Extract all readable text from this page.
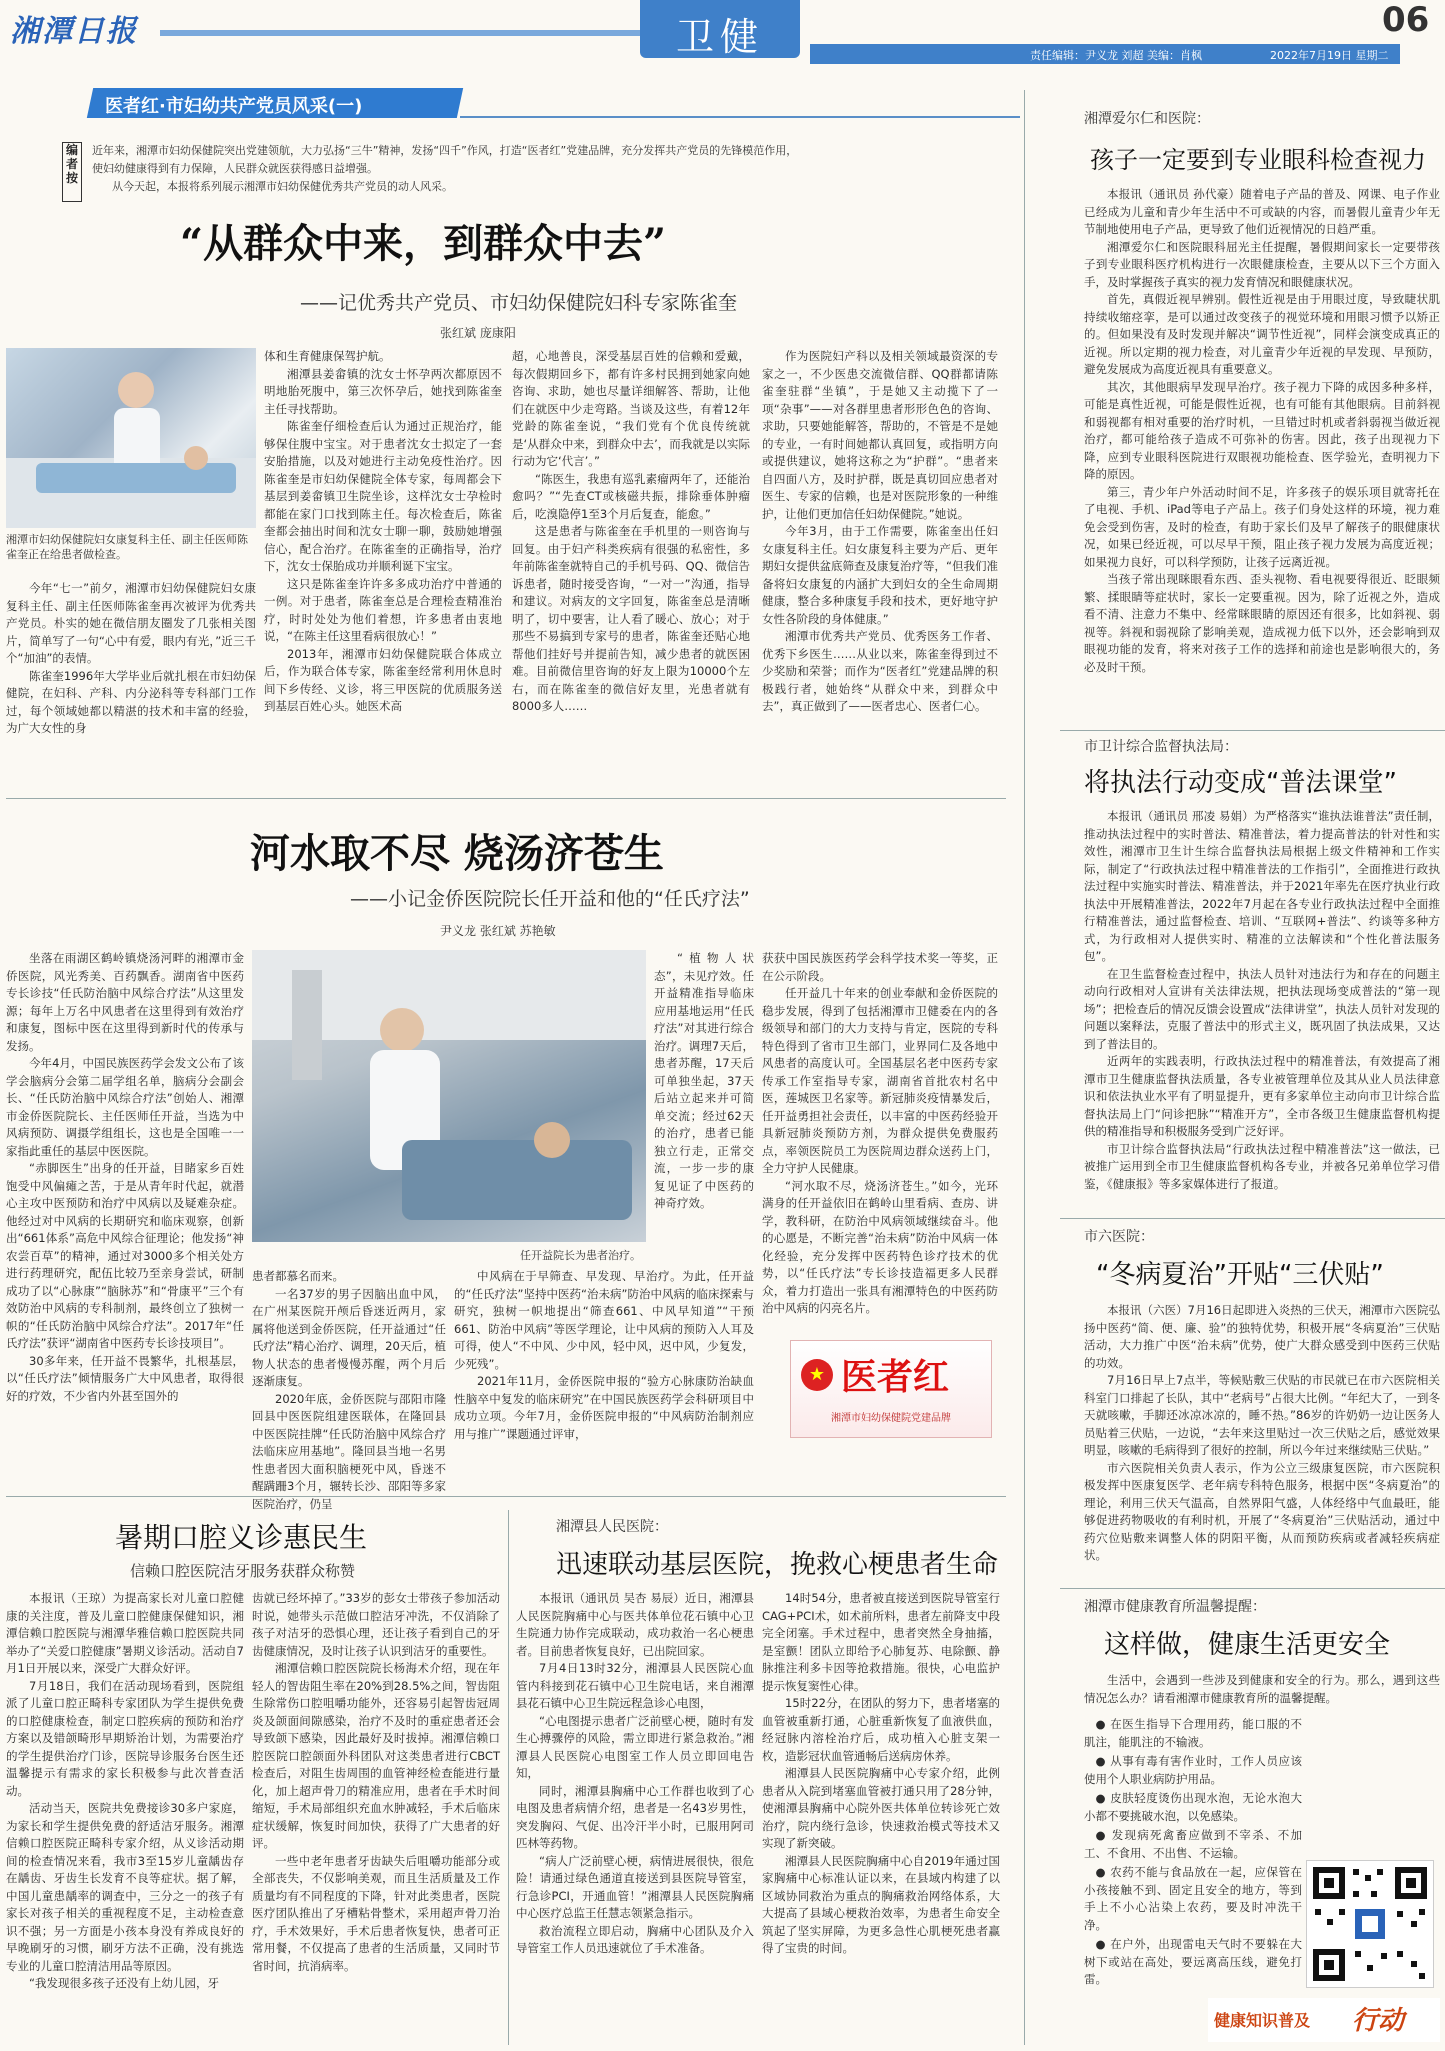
湘潭日报	卫健	责任编辑：尹义龙 刘超 美编：肖枫	2022年7月19日 星期二
06
医者红·市妇幼共产党员风采(一)
编者按
近年来，湘潭市妇幼保健院突出党建领航，大力弘扬“三牛”精神，发扬“四千”作风，打造“医者红”党建品牌，充分发挥共产党员的先锋模范作用，
使妇幼健康得到有力保障，人民群众就医获得感日益增强。
从今天起，本报将系列展示湘潭市妇幼保健优秀共产党员的动人风采。
“从群众中来，到群众中去”
——记优秀共产党员、市妇幼保健院妇科专家陈雀奎
张红斌 庞康阳
湘潭市妇幼保健院妇女康复科主任、副主任医师陈雀奎正在给患者做检查。

今年“七一”前夕，湘潭市妇幼保健院妇女康复科主任、副主任医师陈雀奎再次被评为优秀共产党员。朴实的她在微信朋友圈发了几张相关图片，简单写了一句“心中有爱，眼内有光，”近三千个“加油”的表情。

陈雀奎1996年大学毕业后就扎根在市妇幼保健院，在妇科、产科、内分泌科等专科部门工作过，每个领域她都以精湛的技术和丰富的经验，为广大女性的身

体和生育健康保驾护航。

湘潭县姜畲镇的沈女士怀孕两次都原因不明地胎死腹中，第三次怀孕后，她找到陈雀奎主任寻找帮助。

陈雀奎仔细检查后认为通过正规治疗，能够保住腹中宝宝。对于患者沈女士拟定了一套安胎措施，以及对她进行主动免疫性治疗。因陈雀奎是市妇幼保健院全体专家，每周都会下基层到姜畲镇卫生院坐诊，这样沈女士孕检时都能在家门口找到陈主任。每次检查后，陈雀奎都会抽出时间和沈女士聊一聊，鼓励她增强信心，配合治疗。在陈雀奎的正确指导，治疗下，沈女士保胎成功并顺利诞下宝宝。

这只是陈雀奎许许多多成功治疗中普通的一例。对于患者，陈雀奎总是合理检查精准治疗，时时处处为他们着想，许多患者由衷地说，“在陈主任这里看病很放心！”

2013年，湘潭市妇幼保健院联合体成立后，作为联合体专家，陈雀奎经常利用休息时间下乡传经、义诊，将三甲医院的优质服务送到基层百姓心头。她医术高

超，心地善良，深受基层百姓的信赖和爱戴，每次假期回乡下，都有许多村民拥到她家向她咨询、求助，她也尽量详细解答、帮助，让他们在就医中少走弯路。当谈及这些，有着12年党龄的陈雀奎说，“我们党有个优良传统就是‘从群众中来，到群众中去’，而我就是以实际行动为它‘代言’。”

“陈医生，我患有巡乳素瘤两年了，还能治愈吗？”“先查CT或核磁共振，排除垂体肿瘤后，吃溴隐停1至3个月后复查，能愈。”

这是患者与陈雀奎在手机里的一则咨询与回复。由于妇产科类疾病有很强的私密性，多年前陈雀奎就特自己的手机号码、QQ、微信告诉患者，随时接受咨询，“一对一”沟通，指导和建议。对病友的文字回复，陈雀奎总是清晰明了，切中要害，让人看了暖心、放心；对于那些不易搞到专家号的患者，陈雀奎还贴心地帮他们挂好号并提前告知，减少患者的就医困难。目前微信里咨询的好友上限为10000个左右，而在陈雀奎的微信好友里，光患者就有8000多人……

作为医院妇产科以及相关领域最资深的专家之一，不少医患交流微信群、QQ群都请陈雀奎驻群“坐镇”，于是她又主动揽下了一项“杂事”——对各群里患者形形色色的咨询、求助，只要她能解答，帮助的，不管是不是她的专业，一有时间她都认真回复，或指明方向或提供建议，她将这称之为“护群”。“患者来自四面八方，及时护群，既是真切回应患者对医生、专家的信赖，也是对医院形象的一种维护，让他们更加信任妇幼保健院。”她说。

今年3月，由于工作需要，陈雀奎出任妇女康复科主任。妇女康复科主要为产后、更年期妇女提供盆底筛查及康复治疗等，“但我们准备将妇女康复的内涵扩大到妇女的全生命周期健康，整合多种康复手段和技术，更好地守护女性各阶段的身体健康。”

湘潭市优秀共产党员、优秀医务工作者、优秀下乡医生……从业以来，陈雀奎得到过不少奖励和荣誉；而作为“医者红”党建品牌的积极践行者，她始终“从群众中来，到群众中去”，真正做到了——医者忠心、医者仁心。

河水取不尽 烧汤济苍生
——小记金侨医院院长任开益和他的“任氏疗法”
尹义龙 张红斌 苏艳敏

坐落在雨湖区鹤岭镇烧汤河畔的湘潭市金侨医院，风光秀美、百药飘香。湖南省中医药专长诊技“任氏防治脑中风综合疗法”从这里发源；每年上万名中风患者在这里得到有效治疗和康复，图标中医在这里得到新时代的传承与发扬。

今年4月，中国民族医药学会发文公布了该学会脑病分会第二届学组名单，脑病分会副会长、“任氏防治脑中风综合疗法”创始人、湘潭市金侨医院院长、主任医师任开益，当选为中风病预防、调摄学组组长，这也是全国唯一一家指此重任的基层中医医院。

“赤脚医生”出身的任开益，目睹家乡百姓饱受中风偏瘫之苦，于是从青年时代起，就潜心主攻中医预防和治疗中风病以及疑难杂症。他经过对中风病的长期研究和临床观察，创新出“661体系”高危中风综合征理论；他发扬“神农尝百草”的精神，通过对3000多个相关处方进行药理研究，配伍比较乃至亲身尝试，研制成功了以“心脉康”“脑脉苏”和“骨康平”三个有效防治中风病的专科制剂，最终创立了独树一帜的“任氏防治脑中风综合疗法”。2017年“任氏疗法”获评“湖南省中医药专长诊技项目”。

30多年来，任开益不畏繁华，扎根基层，以“任氏疗法”倾情服务广大中风患者，取得很好的疗效，不少省内外甚至国外的

任开益院长为患者治疗。

患者都慕名而来。

一名37岁的男子因脑出血中风，在广州某医院开颅后昏迷近两月，家属将他送到金侨医院，任开益通过“任氏疗法”精心治疗、调理，20天后，植物人状态的患者慢慢苏醒，两个月后逐渐康复。

2020年底，金侨医院与邵阳市隆回县中医医院组建医联体，在隆回县中医医院挂牌“任氏防治脑中风综合疗法临床应用基地”。隆回县当地一名男性患者因大面积脑梗死中风，昏迷不醒蹒跚3个月，辗转长沙、邵阳等多家医院治疗，仍呈

“植物人状态”，未见疗效。任开益精准指导临床应用基地运用“任氏疗法”对其进行综合治疗。调理7天后，患者苏醒，17天后可单独坐起，37天后站立起来并可简单交流；经过62天的治疗，患者已能独立行走，正常交流，一步一步的康复见证了中医药的神奇疗效。

中风病在于早筛查、早发现、早治疗。为此，任开益的“任氏疗法”坚持中医药“治未病”防治中风病的临床探索与研究，独树一帜地提出“筛查661、中风早知道”“干预661、防治中风病”等医学理论，让中风病的预防入人耳及可得，使人“不中风、少中风，轻中风，迟中风，少复发，少死残”。

2021年11月，金侨医院申报的“验方心脉康防治缺血性脑卒中复发的临床研究”在中国民族医药学会科研项目中成功立项。今年7月，金侨医院申报的“中风病防治制剂应用与推广”课题通过评审，

获获中国民族医药学会科学技术奖一等奖，正在公示阶段。

任开益几十年来的创业奉献和金侨医院的稳步发展，得到了包括湘潭市卫健委在内的各级领导和部门的大力支持与肯定，医院的专科特色得到了省市卫生部门，业界同仁及各地中风患者的高度认可。全国基层名老中医药专家传承工作室指导专家，湖南省首批农村名中医，莲城医卫名家等。新冠肺炎疫情暴发后，任开益勇担社会责任，以丰富的中医药经验开具新冠肺炎预防方剂，为群众提供免费服药点，率领医院员工为医院周边群众送药上门，全力守护人民健康。

“河水取不尽，烧汤济苍生。”如今，光环满身的任开益依旧在鹤岭山里看病、查房、讲学，教科研，在防治中风病领域继续奋斗。他的心愿是，不断完善“治未病”防治中风病一体化经验，充分发挥中医药特色诊疗技术的优势，以“任氏疗法”专长诊技造福更多人民群众，着力打造出一张具有湘潭特色的中医药防治中风病的闪亮名片。

★ 医者红
湘潭市妇幼保健院党建品牌
暑期口腔义诊惠民生
信赖口腔医院洁牙服务获群众称赞

本报讯（王琼）为提高家长对儿童口腔健康的关注度，普及儿童口腔健康保健知识，湘潭信赖口腔医院与湘潭华雅信赖口腔医院共同举办了“关爱口腔健康”暑期义诊活动。活动自7月1日开展以来，深受广大群众好评。

7月18日，我们在活动现场看到，医院组派了儿童口腔正畸科专家团队为学生提供免费的口腔健康检查，制定口腔疾病的预防和治疗方案以及错颌畸形早期矫治计划，为需要治疗的学生提供治疗门诊，医院导诊服务台医生还温馨提示有需求的家长积极参与此次普查活动。

活动当天，医院共免费接诊30多户家庭，为家长和学生提供免费的舒适洁牙服务。湘潭信赖口腔医院正畸科专家介绍，从义诊活动期间的检查情况来看，我市3至15岁儿童龋齿存在龋齿、牙齿生长发育不良等症状。据了解，中国儿童患龋率的调查中，三分之一的孩子有家长对孩子相关的重视程度不足，主动检查意识不强；另一方面是小孩本身没有养成良好的早晚刷牙的习惯，刷牙方法不正确，没有挑选专业的儿童口腔清洁用品等原因。

“我发现很多孩子还没有上幼儿园，牙

齿就已经坏掉了。”33岁的彭女士带孩子参加活动时说，她带头示范做口腔洁牙冲洗，不仅消除了孩子对洁牙的恐惧心理，还让孩子看到自己的牙齿健康情况，及时让孩子认识到洁牙的重要性。

湘潭信赖口腔医院院长杨海术介绍，现在年轻人的智齿阻生率在20%到28.5%之间，智齿阻生除常伤口腔咀嚼功能外，还容易引起智齿冠周炎及颌面间隙感染，治疗不及时的重症患者还会导致颌下感染，因此最好及时拔掉。湘潭信赖口腔医院口腔颌面外科团队对这类患者进行CBCT检查后，对阻生齿周围的血管神经检查能进行量化，加上超声骨刀的精准应用，患者在手术时间缩短，手术局部组织充血水肿减轻，手术后临床症状缓解，恢复时间加快，获得了广大患者的好评。

一些中老年患者牙齿缺失后咀嚼功能部分或全部丧失，不仅影响美观，而且生活质量及工作质量均有不同程度的下降，针对此类患者，医院医疗团队推出了牙槽粘骨整术，采用超声骨刀治疗，手术效果好，手术后患者恢复快，患者可正常用餐，不仅提高了患者的生活质量，又同时节省时间，抗消病率。

湘潭县人民医院：
迅速联动基层医院，挽救心梗患者生命

本报讯（通讯员 吴杏 易辰）近日，湘潭县人民医院胸痛中心与医共体单位花石镇中心卫生院通力协作完成联动，成功救治一名心梗患者。目前患者恢复良好，已出院回家。

7月4日13时32分，湘潭县人民医院心血管内科接到花石镇中心卫生院电话，来自湘潭县花石镇中心卫生院远程急诊心电图，

“心电图提示患者广泛前壁心梗，随时有发生心搏骤停的风险，需立即进行紧急救治。”湘潭县人民医院心电图室工作人员立即回电告知，

同时，湘潭县胸痛中心工作群也收到了心电图及患者病情介绍，患者是一名43岁男性，突发胸闷、气促、出冷汗半小时，已服用阿司匹林等药物。

“病人广泛前壁心梗，病情进展很快，很危险！请通过绿色通道直接送到县医院导管室，行急诊PCI，开通血管！”湘潭县人民医院胸痛中心医疗总监王任慧志领紧急指示。

救治流程立即启动，胸痛中心团队及介入导管室工作人员迅速就位了手术准备。

14时54分，患者被直接送到医院导管室行CAG+PCI术，如术前所料，患者左前降支中段完全闭塞。手术过程中，患者突然全身抽搐，是室颤！团队立即给予心肺复苏、电除颤、静脉推注利多卡因等抢救措施。很快，心电监护提示恢复窦性心律。

15时22分，在团队的努力下，患者堵塞的血管被重新打通，心脏重新恢复了血液供血，经冠脉内溶栓治疗后，成功植入心脏支架一枚，造影冠状血管通畅后送病房休养。

湘潭县人民医院胸痛中心专家介绍，此例患者从入院到堵塞血管被打通只用了28分钟，使湘潭县胸痛中心院外医共体单位转诊死亡效治疗，院内绕行急诊，快速救治模式等技术又实现了新突破。

湘潭县人民医院胸痛中心自2019年通过国家胸痛中心标准认证以来，在县域内构建了以区域协同救治为重点的胸痛救治网络体系，大大提高了县域心梗救治效率，为患者生命安全筑起了坚实屏障，为更多急性心肌梗死患者赢得了宝贵的时间。

湘潭爱尔仁和医院：
孩子一定要到专业眼科检查视力

本报讯（通讯员 孙代豪）随着电子产品的普及、网课、电子作业已经成为儿童和青少年生活中不可或缺的内容，而暑假儿童青少年无节制地使用电子产品，更导致了他们近视情况的日趋严重。

湘潭爱尔仁和医院眼科屈光主任提醒，暑假期间家长一定要带孩子到专业眼科医疗机构进行一次眼健康检查，主要从以下三个方面入手，及时掌握孩子真实的视力发育情况和眼健康状况。

首先，真假近视早辨别。假性近视是由于用眼过度，导致睫状肌持续收缩痉挛，是可以通过改变孩子的视觉环境和用眼习惯予以矫正的。但如果没有及时发现并解决“调节性近视”，同样会演变成真正的近视。所以定期的视力检查，对儿童青少年近视的早发现、早预防，避免发展成为高度近视具有重要意义。

其次，其他眼病早发现早治疗。孩子视力下降的成因多种多样，可能是真性近视，可能是假性近视，也有可能有其他眼病。目前斜视和弱视都有相对重要的治疗时机，一旦错过时机或者斜弱视当做近视治疗，都可能给孩子造成不可弥补的伤害。因此，孩子出现视力下降，应到专业眼科医院进行双眼视功能检查、医学验光，查明视力下降的原因。

第三，青少年户外活动时间不足，许多孩子的娱乐项目就寄托在了电视、手机、iPad等电子产品上。孩子们身处这样的环境，视力难免会受到伤害，及时的检查，有助于家长们及早了解孩子的眼健康状况，如果已经近视，可以尽早干预，阻止孩子视力发展为高度近视；如果视力良好，可以科学预防，让孩子远离近视。

当孩子常出现眯眼看东西、歪头视物、看电视要得很近、眨眼频繁、揉眼睛等症状时，家长一定要重视。因为，除了近视之外，造成看不清、注意力不集中、经常眯眼睛的原因还有很多，比如斜视、弱视等。斜视和弱视除了影响美观，造成视力低下以外，还会影响到双眼视功能的发育，将来对孩子工作的选择和前途也是影响很大的，务必及时干预。

市卫计综合监督执法局：
将执法行动变成“普法课堂”

本报讯（通讯员 邢凌 易娟）为严格落实“谁执法谁普法”责任制，推动执法过程中的实时普法、精准普法，着力提高普法的针对性和实效性，湘潭市卫生计生综合监督执法局根据上级文件精神和工作实际，制定了“行政执法过程中精准普法的工作指引”，全面推进行政执法过程中实施实时普法、精准普法，并于2021年率先在医疗执业行政执法中开展精准普法，2022年7月起在各专业行政执法过程中全面推行精准普法，通过监督检查、培训、“互联网+普法”、约谈等多种方式，为行政相对人提供实时、精准的立法解读和“个性化普法服务包”。

在卫生监督检查过程中，执法人员针对违法行为和存在的问题主动向行政相对人宣讲有关法律法规，把执法现场变成普法的“第一现场”；把检查后的情况反馈会设置成“法律讲堂”，执法人员针对发现的问题以案释法，克服了普法中的形式主义，既巩固了执法成果，又达到了普法目的。

近两年的实践表明，行政执法过程中的精准普法，有效提高了湘潭市卫生健康监督执法质量，各专业被管理单位及其从业人员法律意识和依法执业水平有了明显提升，更有多家单位主动向市卫计综合监督执法局上门“问诊把脉”“精准开方”，全市各级卫生健康监督机构提供的精准指导和积极服务受到广泛好评。

市卫计综合监督执法局“行政执法过程中精准普法”这一做法，已被推广运用到全市卫生健康监督机构各专业，并被各兄弟单位学习借鉴，《健康报》等多家媒体进行了报道。

市六医院：
“冬病夏治”开贴“三伏贴”

本报讯（六医）7月16日起即进入炎热的三伏天，湘潭市六医院弘扬中医药“简、便、廉、验”的独特优势，积极开展“冬病夏治”三伏贴活动，大力推广中医“治未病”优势，使广大群众感受到中医药三伏贴的功效。

7月16日早上7点半，等候贴敷三伏贴的市民就已在市六医院相关科室门口排起了长队，其中“老病号”占很大比例。“年纪大了，一到冬天就咳嗽，手脚还冰凉冰凉的，睡不热。”86岁的许奶奶一边让医务人员贴着三伏贴，一边说，“去年来这里贴过一次三伏贴之后，感觉效果明显，咳嗽的毛病得到了很好的控制，所以今年过来继续贴三伏贴。”

市六医院相关负责人表示，作为公立三级康复医院，市六医院积极发挥中医康复医学、老年病专科特色服务，根据中医“冬病夏治”的理论，利用三伏天气温高，自然界阳气盛，人体经络中气血最旺，能够促进药物吸收的有利时机，开展了“冬病夏治”三伏贴活动，通过中药穴位贴敷来调整人体的阴阳平衡，从而预防疾病或者减轻疾病症状。

湘潭市健康教育所温馨提醒：
这样做，健康生活更安全

生活中，会遇到一些涉及到健康和安全的行为。那么，遇到这些情况怎么办？请看湘潭市健康教育所的温馨提醒。

● 在医生指导下合理用药，能口服的不肌注，能肌注的不输液。

● 从事有毒有害作业时，工作人员应该使用个人职业病防护用品。

● 皮肤轻度烫伤出现水泡，无论水泡大小都不要挑破水泡，以免感染。

● 发现病死禽畜应做到不宰杀、不加工、不食用、不出售、不运输。

● 农药不能与食品放在一起，应保管在小孩接触不到、固定且安全的地方，等到手上不小心沾染上农药，要及时冲洗干净。

● 在户外，出现雷电天气时不要躲在大树下或站在高处，要远离高压线，避免打雷。

健康知识普及 行动
